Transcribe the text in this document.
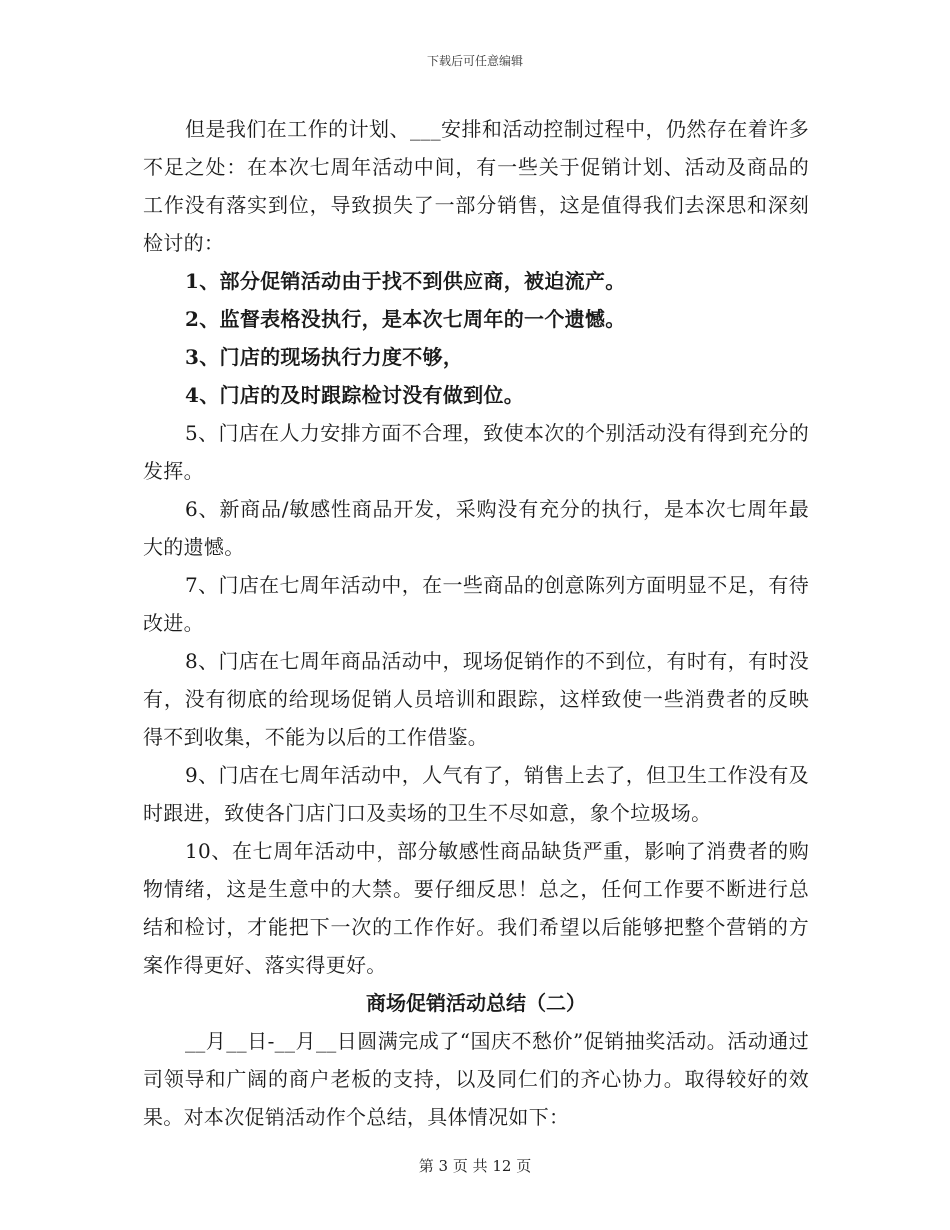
下载后可任意编辑

但是我们在工作的计划、___安排和活动控制过程中，仍然存在着许多不足之处：在本次七周年活动中间，有一些关于促销计划、活动及商品的工作没有落实到位，导致损失了一部分销售，这是值得我们去深思和深刻检讨的：

1、部分促销活动由于找不到供应商，被迫流产。

2、监督表格没执行，是本次七周年的一个遗憾。

3、门店的现场执行力度不够，

4、门店的及时跟踪检讨没有做到位。

5、门店在人力安排方面不合理，致使本次的个别活动没有得到充分的发挥。

6、新商品/敏感性商品开发，采购没有充分的执行，是本次七周年最大的遗憾。

7、门店在七周年活动中，在一些商品的创意陈列方面明显不足，有待改进。

8、门店在七周年商品活动中，现场促销作的不到位，有时有，有时没有，没有彻底的给现场促销人员培训和跟踪，这样致使一些消费者的反映得不到收集，不能为以后的工作借鉴。

9、门店在七周年活动中，人气有了，销售上去了，但卫生工作没有及时跟进，致使各门店门口及卖场的卫生不尽如意，象个垃圾场。

10、在七周年活动中，部分敏感性商品缺货严重，影响了消费者的购物情绪，这是生意中的大禁。要仔细反思！总之，任何工作要不断进行总结和检讨，才能把下一次的工作作好。我们希望以后能够把整个营销的方案作得更好、落实得更好。

商场促销活动总结（二）

__月__日-__月__日圆满完成了“国庆不愁价”促销抽奖活动。活动通过司领导和广阔的商户老板的支持，以及同仁们的齐心协力。取得较好的效果。对本次促销活动作个总结，具体情况如下：

第 3 页 共 12 页
